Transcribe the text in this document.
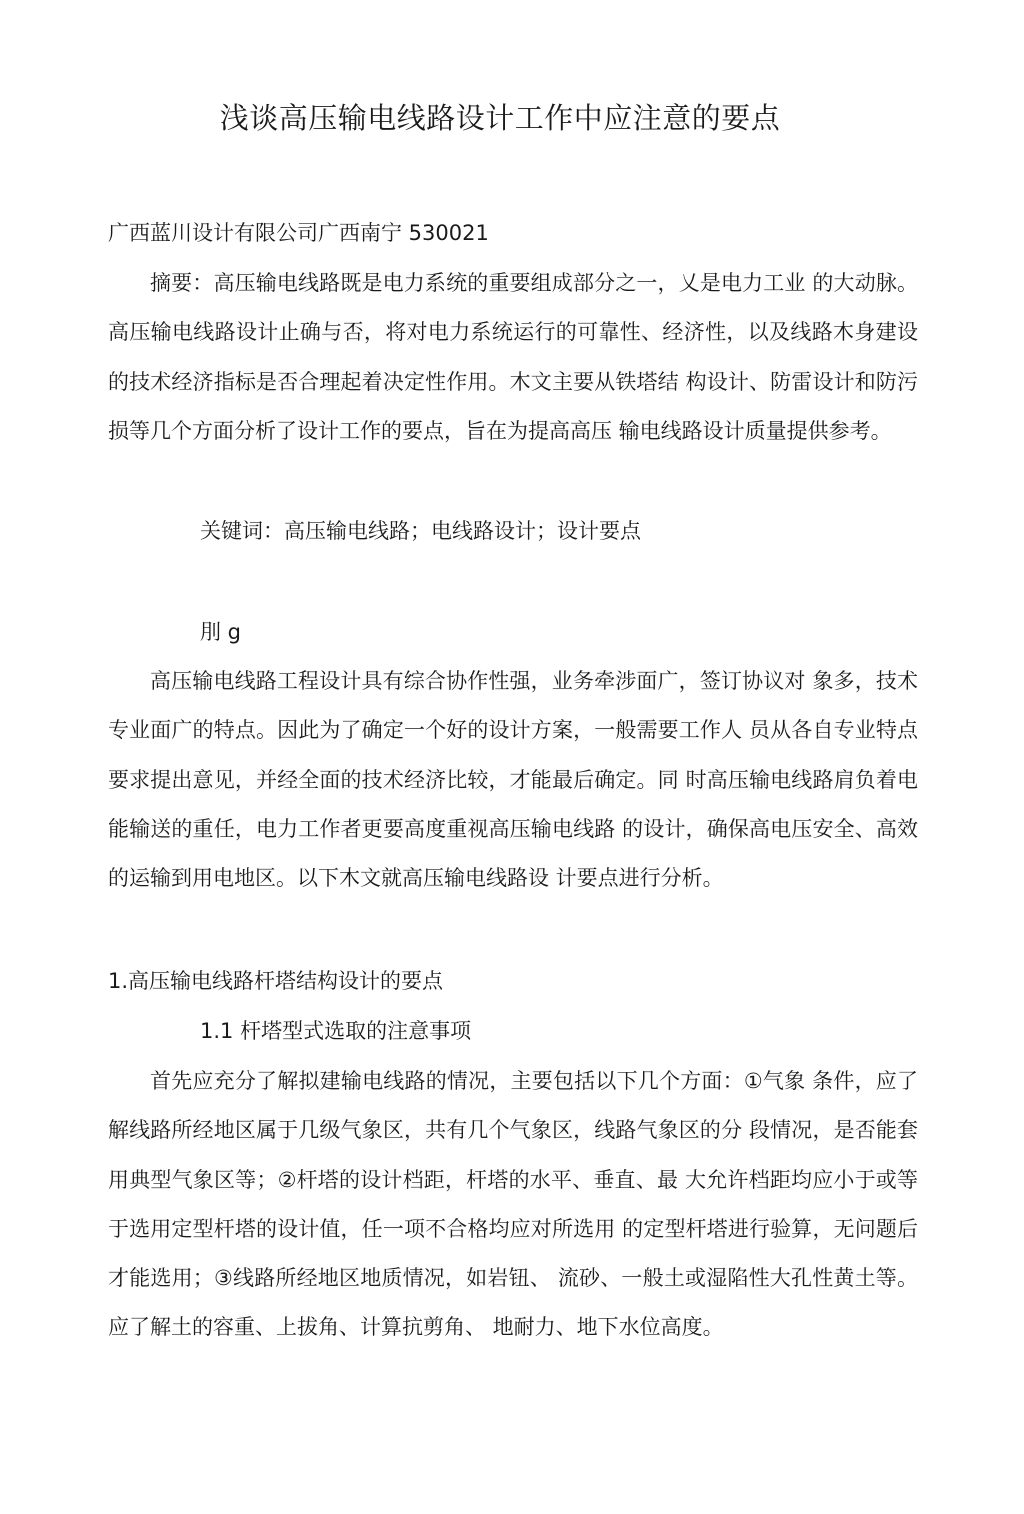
浅谈高压输电线路设计工作中应注意的要点
广西蓝川设计有限公司广西南宁 530021

摘要：高压输电线路既是电力系统的重要组成部分之一，乂是电力工业 的大动脉。高压输电线路设计止确与否，将对电力系统运行的可靠性、经济性，以及线路木身建设的技术经济指标是否合理起着决定性作用。木文主要从铁塔结 构设计、防雷设计和防污损等几个方面分析了设计工作的要点，旨在为提高高压 输电线路设计质量提供参考。

关键词：高压输电线路；电线路设计；设计要点
刖 g

高压输电线路工程设计具有综合协作性强，业务牵涉面广，签订协议对 象多，技术专业面广的特点。因此为了确定一个好的设计方案，一般需要工作人 员从各自专业特点要求提出意见，并经全面的技术经济比较，才能最后确定。同 时高压输电线路肩负着电能输送的重任，电力工作者更要高度重视高压输电线路 的设计，确保高电压安全、高效的运输到用电地区。以下木文就高压输电线路设 计要点进行分析。

1.高压输电线路杆塔结构设计的要点
1.1 杆塔型式选取的注意事项

首先应充分了解拟建输电线路的情况，主要包括以下几个方面：①气象 条件，应了解线路所经地区属于几级气象区，共有几个气象区，线路气象区的分 段情况，是否能套用典型气象区等；②杆塔的设计档距，杆塔的水平、垂直、最 大允许档距均应小于或等于选用定型杆塔的设计值，任一项不合格均应对所选用 的定型杆塔进行验算，无问题后才能选用；③线路所经地区地质情况，如岩钮、 流砂、一般土或湿陷性大孔性黄土等。应了解土的容重、上拔角、计算抗剪角、 地耐力、地下水位高度。
